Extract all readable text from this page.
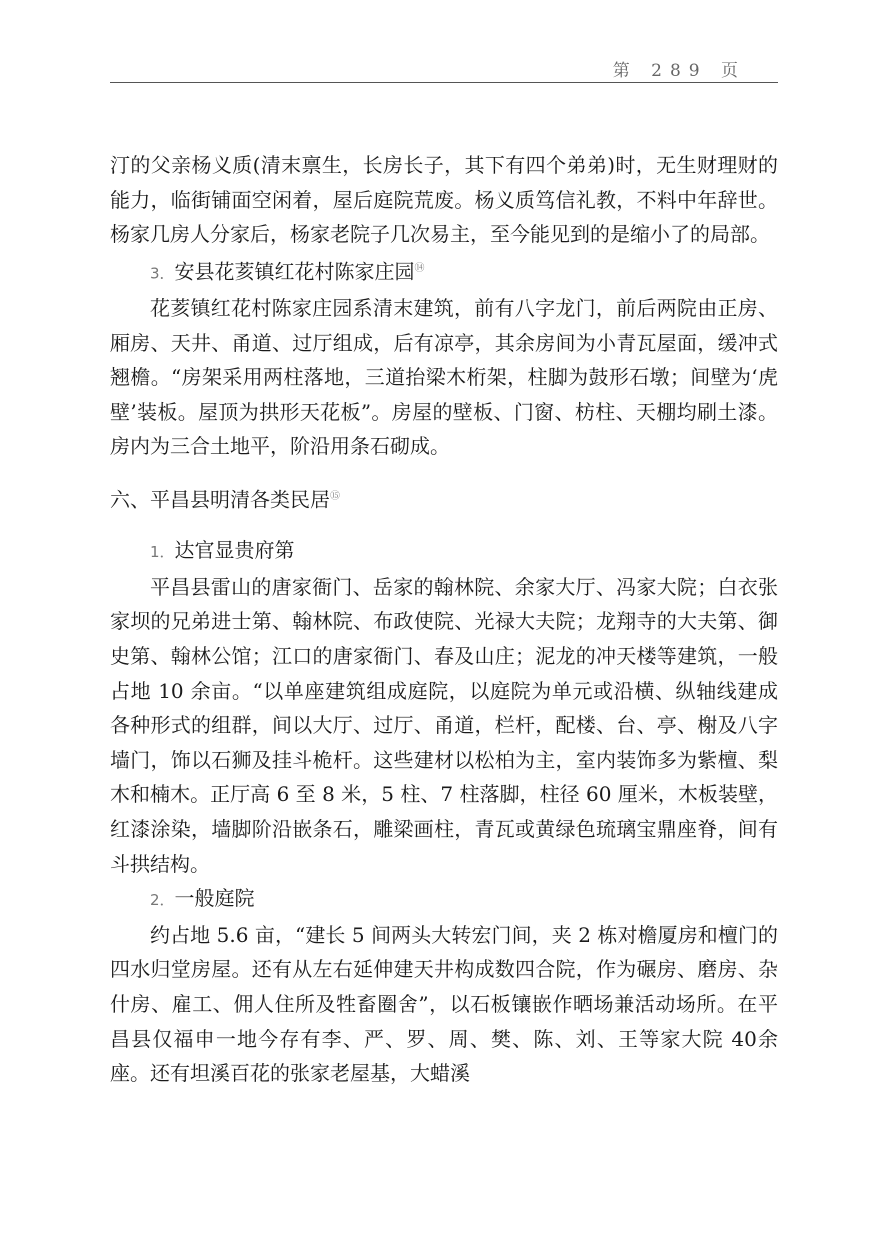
第 289 页

汀的父亲杨义质(清末禀生，长房长子，其下有四个弟弟)时，无生财理财的能力，临街铺面空闲着，屋后庭院荒废。杨义质笃信礼教，不料中年辞世。杨家几房人分家后，杨家老院子几次易主，至今能见到的是缩小了的局部。

3．安县花荄镇红花村陈家庄园⑭

花荄镇红花村陈家庄园系清末建筑，前有八字龙门，前后两院由正房、厢房、天井、甬道、过厅组成，后有凉亭，其余房间为小青瓦屋面，缓冲式翘檐。“房架采用两柱落地，三道抬梁木桁架，柱脚为鼓形石墩；间壁为‘虎壁’装板。屋顶为拱形天花板”。房屋的壁板、门窗、枋柱、天棚均刷土漆。房内为三合土地平，阶沿用条石砌成。

六、平昌县明清各类民居⑮

1．达官显贵府第

平昌县雷山的唐家衙门、岳家的翰林院、余家大厅、冯家大院；白衣张家坝的兄弟进士第、翰林院、布政使院、光禄大夫院；龙翔寺的大夫第、御史第、翰林公馆；江口的唐家衙门、春及山庄；泥龙的冲天楼等建筑，一般占地 10 余亩。“以单座建筑组成庭院，以庭院为单元或沿横、纵轴线建成各种形式的组群，间以大厅、过厅、甬道，栏杆，配楼、台、亭、榭及八字墙门，饰以石狮及挂斗桅杆。这些建材以松柏为主，室内装饰多为紫檀、梨木和楠木。正厅高 6 至 8 米，5 柱、7 柱落脚，柱径 60 厘米，木板装壁，红漆涂染，墙脚阶沿嵌条石，雕梁画柱，青瓦或黄绿色琉璃宝鼎座脊，间有斗拱结构。

2．一般庭院

约占地 5.6 亩，“建长 5 间两头大转宏门间，夹 2 栋对檐厦房和檀门的四水归堂房屋。还有从左右延伸建天井构成数四合院，作为碾房、磨房、杂什房、雇工、佣人住所及牲畜圈舍”，以石板镶嵌作晒场兼活动场所。在平昌县仅福申一地今存有李、严、罗、周、樊、陈、刘、王等家大院 40余座。还有坦溪百花的张家老屋基，大蜡溪
